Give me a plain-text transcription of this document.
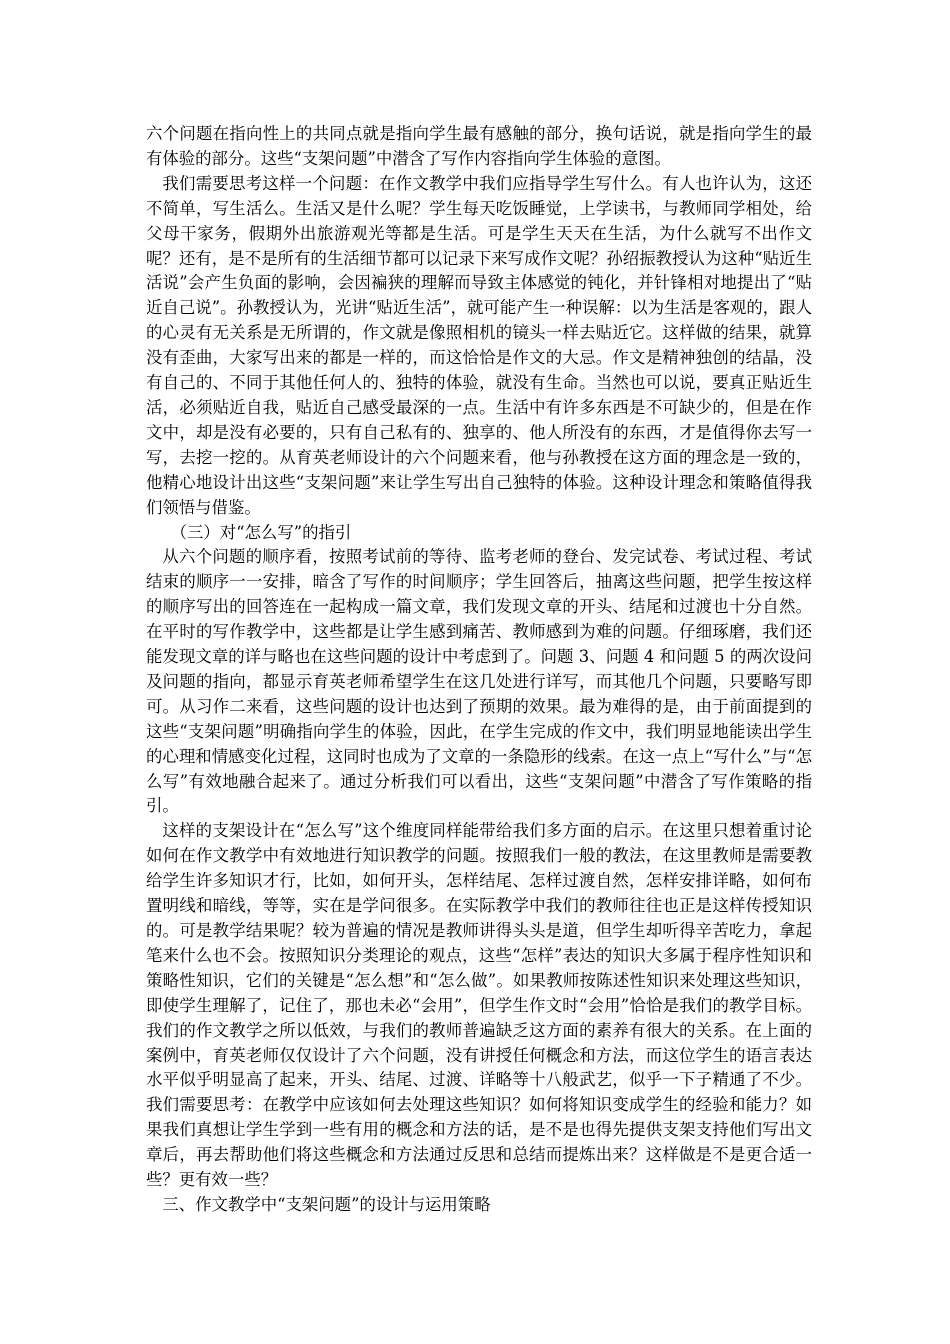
六个问题在指向性上的共同点就是指向学生最有感触的部分，换句话说，就是指向学生的最有体验的部分。这些“支架问题”中潜含了写作内容指向学生体验的意图。

我们需要思考这样一个问题：在作文教学中我们应指导学生写什么。有人也许认为，这还不简单，写生活么。生活又是什么呢？学生每天吃饭睡觉，上学读书，与教师同学相处，给父母干家务，假期外出旅游观光等都是生活。可是学生天天在生活，为什么就写不出作文呢？还有，是不是所有的生活细节都可以记录下来写成作文呢？孙绍振教授认为这种“贴近生活说”会产生负面的影响，会因褊狭的理解而导致主体感觉的钝化，并针锋相对地提出了“贴近自己说”。孙教授认为，光讲“贴近生活”，就可能产生一种误解：以为生活是客观的，跟人的心灵有无关系是无所谓的，作文就是像照相机的镜头一样去贴近它。这样做的结果，就算没有歪曲，大家写出来的都是一样的，而这恰恰是作文的大忌。作文是精神独创的结晶，没有自己的、不同于其他任何人的、独特的体验，就没有生命。当然也可以说，要真正贴近生活，必须贴近自我，贴近自己感受最深的一点。生活中有许多东西是不可缺少的，但是在作文中，却是没有必要的，只有自己私有的、独享的、他人所没有的东西，才是值得你去写一写，去挖一挖的。从育英老师设计的六个问题来看，他与孙教授在这方面的理念是一致的，他精心地设计出这些“支架问题”来让学生写出自己独特的体验。这种设计理念和策略值得我们领悟与借鉴。

（三）对“怎么写”的指引

从六个问题的顺序看，按照考试前的等待、监考老师的登台、发完试卷、考试过程、考试结束的顺序一一安排，暗含了写作的时间顺序；学生回答后，抽离这些问题，把学生按这样的顺序写出的回答连在一起构成一篇文章，我们发现文章的开头、结尾和过渡也十分自然。在平时的写作教学中，这些都是让学生感到痛苦、教师感到为难的问题。仔细琢磨，我们还能发现文章的详与略也在这些问题的设计中考虑到了。问题 3、问题 4 和问题 5 的两次设问及问题的指向，都显示育英老师希望学生在这几处进行详写，而其他几个问题，只要略写即可。从习作二来看，这些问题的设计也达到了预期的效果。最为难得的是，由于前面提到的这些“支架问题”明确指向学生的体验，因此，在学生完成的作文中，我们明显地能读出学生的心理和情感变化过程，这同时也成为了文章的一条隐形的线索。在这一点上“写什么”与“怎么写”有效地融合起来了。通过分析我们可以看出，这些“支架问题”中潜含了写作策略的指引。

这样的支架设计在“怎么写”这个维度同样能带给我们多方面的启示。在这里只想着重讨论如何在作文教学中有效地进行知识教学的问题。按照我们一般的教法，在这里教师是需要教给学生许多知识才行，比如，如何开头，怎样结尾、怎样过渡自然，怎样安排详略，如何布置明线和暗线，等等，实在是学问很多。在实际教学中我们的教师往往也正是这样传授知识的。可是教学结果呢？较为普遍的情况是教师讲得头头是道，但学生却听得辛苦吃力，拿起笔来什么也不会。按照知识分类理论的观点，这些“怎样”表达的知识大多属于程序性知识和策略性知识，它们的关键是“怎么想”和“怎么做”。如果教师按陈述性知识来处理这些知识，即使学生理解了，记住了，那也未必“会用”，但学生作文时“会用”恰恰是我们的教学目标。我们的作文教学之所以低效，与我们的教师普遍缺乏这方面的素养有很大的关系。在上面的案例中，育英老师仅仅设计了六个问题，没有讲授任何概念和方法，而这位学生的语言表达水平似乎明显高了起来，开头、结尾、过渡、详略等十八般武艺，似乎一下子精通了不少。我们需要思考：在教学中应该如何去处理这些知识？如何将知识变成学生的经验和能力？如果我们真想让学生学到一些有用的概念和方法的话，是不是也得先提供支架支持他们写出文章后，再去帮助他们将这些概念和方法通过反思和总结而提炼出来？这样做是不是更合适一些？更有效一些？

三、作文教学中“支架问题”的设计与运用策略
